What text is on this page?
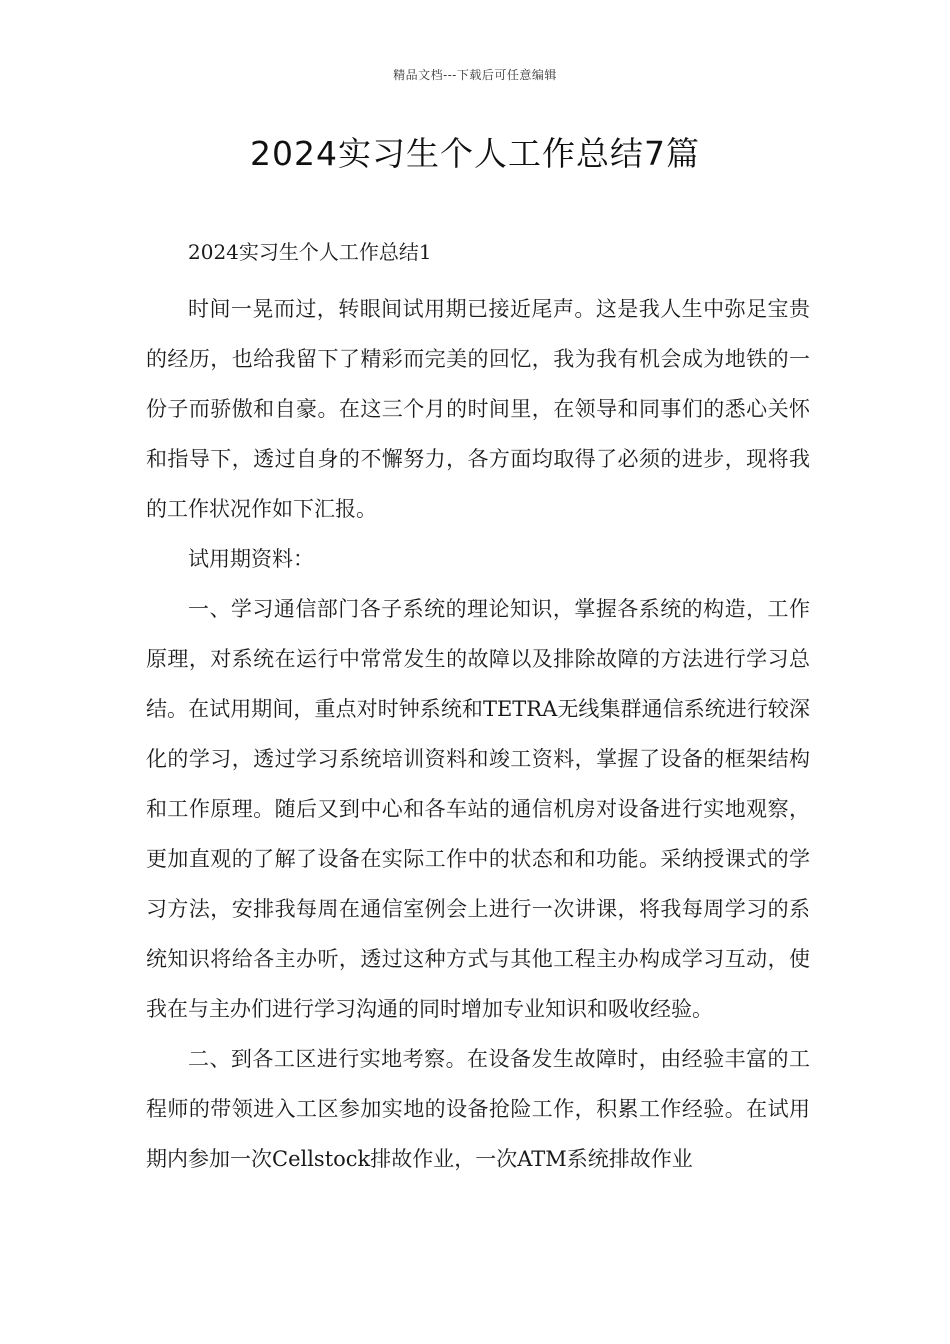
精品文档---下载后可任意编辑
2024实习生个人工作总结7篇

2024实习生个人工作总结1

时间一晃而过，转眼间试用期已接近尾声。这是我人生中弥足宝贵的经历，也给我留下了精彩而完美的回忆，我为我有机会成为地铁的一份子而骄傲和自豪。在这三个月的时间里，在领导和同事们的悉心关怀和指导下，透过自身的不懈努力，各方面均取得了必须的进步，现将我的工作状况作如下汇报。

试用期资料：

一、学习通信部门各子系统的理论知识，掌握各系统的构造，工作原理，对系统在运行中常常发生的故障以及排除故障的方法进行学习总结。在试用期间，重点对时钟系统和TETRA无线集群通信系统进行较深化的学习，透过学习系统培训资料和竣工资料，掌握了设备的框架结构和工作原理。随后又到中心和各车站的通信机房对设备进行实地观察，更加直观的了解了设备在实际工作中的状态和和功能。采纳授课式的学习方法，安排我每周在通信室例会上进行一次讲课，将我每周学习的系统知识将给各主办听，透过这种方式与其他工程主办构成学习互动，使我在与主办们进行学习沟通的同时增加专业知识和吸收经验。

二、到各工区进行实地考察。在设备发生故障时，由经验丰富的工程师的带领进入工区参加实地的设备抢险工作，积累工作经验。在试用期内参加一次Cellstock排故作业，一次ATM系统排故作业
